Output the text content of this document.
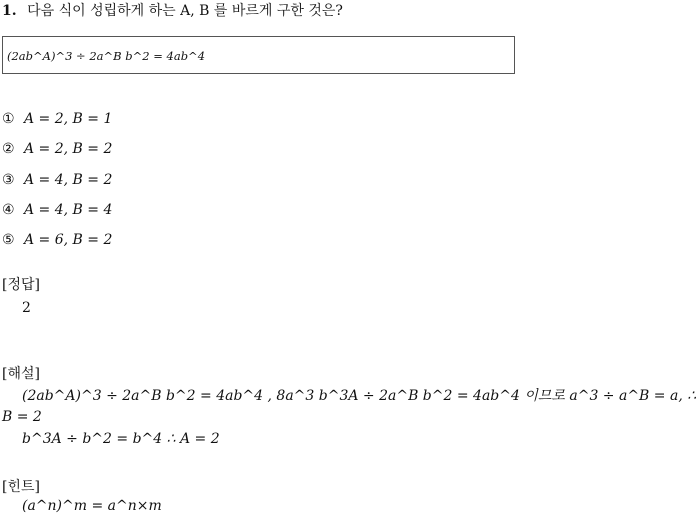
1. 다음 식이 성립하게 하는 A, B 를 바르게 구한 것은?
(2ab^A)^3 ÷ 2a^B b^2 = 4ab^4
① A = 2, B = 1
② A = 2, B = 2
③ A = 4, B = 2
④ A = 4, B = 4
⑤ A = 6, B = 2
[정답]
2
[해설]
(2ab^A)^3 ÷ 2a^B b^2 = 4ab^4 , 8a^3 b^3A ÷ 2a^B b^2 = 4ab^4 이므로 a^3 ÷ a^B = a, ∴
B = 2
b^3A ÷ b^2 = b^4 ∴ A = 2
[힌트]
(a^n)^m = a^n×m
